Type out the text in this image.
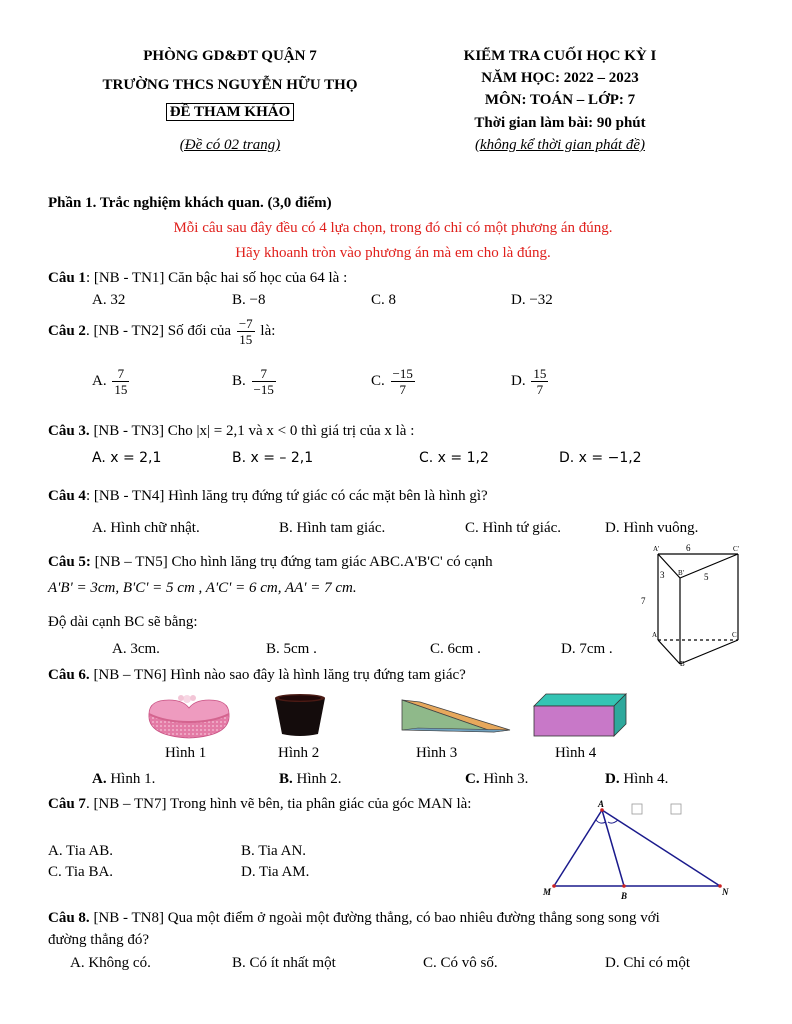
PHÒNG GD&ĐT QUẬN 7
TRƯỜNG THCS NGUYỄN HỮU THỌ
ĐỀ THAM KHẢO
(Đề có 02 trang)
KIỂM TRA CUỐI HỌC KỲ I
NĂM HỌC: 2022 – 2023
MÔN: TOÁN – LỚP: 7
Thời gian làm bài: 90 phút
(không kể thời gian phát đề)
Phần 1. Trắc nghiệm khách quan. (3,0 điểm)
Mỗi câu sau đây đều có 4 lựa chọn, trong đó chỉ có một phương án đúng.
Hãy khoanh tròn vào phương án mà em cho là đúng.
Câu 1: [NB - TN1] Căn bậc hai số học của 64 là :
A. 32	B. −8	C. 8	D. −32
Câu 2. [NB - TN2] Số đối của $\frac{-7}{15}$ là:
A. $\frac{7}{15}$	B. $\frac{7}{-15}$	C. $\frac{-15}{7}$	D. $\frac{15}{7}$
Câu 3. [NB - TN3] Cho |x| = 2,1 và x < 0 thì giá trị của x là :
A. x = 2,1	B. x = – 2,1	C. x = 1,2	D. x = −1,2
Câu 4: [NB - TN4] Hình lăng trụ đứng tứ giác có các mặt bên là hình gì?
A. Hình chữ nhật.	B. Hình tam giác.	C. Hình tứ giác.	D. Hình vuông.
Câu 5: [NB – TN5] Cho hình lăng trụ đứng tam giác ABC.A'B'C' có cạnh
A'B' = 3cm, B'C' = 5 cm , A'C' = 6 cm, AA' = 7 cm.
Độ dài cạnh BC sẽ bằng:
A. 3cm.	B. 5cm .	C. 6cm .	D. 7cm .
A'	C'
B'
A	C
B
6
3	5
7
Câu 6. [NB – TN6] Hình nào sao đây là hình lăng trụ đứng tam giác?
Hình 1	Hình 2	Hình 3	Hình 4
A. Hình 1.	B. Hình 2.	C. Hình 3.	D. Hình 4.
Câu 7. [NB – TN7] Trong hình vẽ bên, tia phân giác của góc MAN là:
A. Tia AB.	B. Tia AN.
C. Tia BA.	D. Tia AM.
A
M	B	N
Câu 8. [NB - TN8] Qua một điểm ở ngoài một đường thẳng, có bao nhiêu đường thẳng song song với
đường thẳng đó?
A. Không có.	B. Có ít nhất một	C. Có vô số.	D. Chỉ có một
